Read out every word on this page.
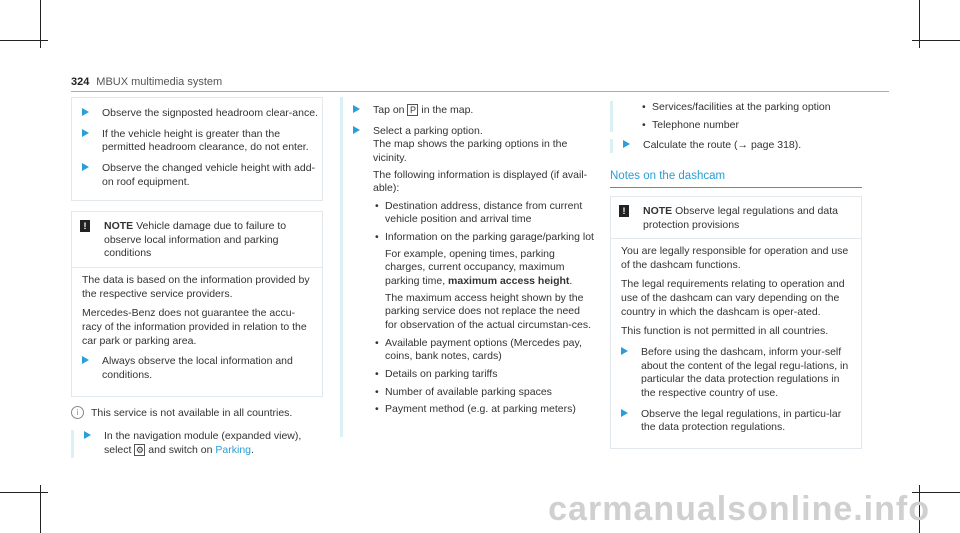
324 MBUX multimedia system

Observe the signposted headroom clear-ance.

If the vehicle height is greater than the permitted headroom clearance, do not enter.

Observe the changed vehicle height with add-on roof equipment.

!	NOTE Vehicle damage due to failure to observe local information and parking conditions

The data is based on the information provided by the respective service providers.

Mercedes-Benz does not guarantee the accu-racy of the information provided in relation to the car park or parking area.

Always observe the local information and conditions.

i	This service is not available in all countries.

In the navigation module (expanded view), select ⚙ and switch on Parking.

Tap on P in the map.

Select a parking option.

The map shows the parking options in the vicinity.

The following information is displayed (if avail-able):

• Destination address, distance from current vehicle position and arrival time

• Information on the parking garage/parking lot

For example, opening times, parking charges, current occupancy, maximum parking time, maximum access height.

The maximum access height shown by the parking service does not replace the need for observation of the actual circumstan-ces.

• Available payment options (Mercedes pay, coins, bank notes, cards)

• Details on parking tariffs

• Number of available parking spaces

• Payment method (e.g. at parking meters)

• Services/facilities at the parking option

• Telephone number

Calculate the route (→ page 318).

Notes on the dashcam
!	NOTE Observe legal regulations and data protection provisions

You are legally responsible for operation and use of the dashcam functions.

The legal requirements relating to operation and use of the dashcam can vary depending on the country in which the dashcam is oper-ated.

This function is not permitted in all countries.

Before using the dashcam, inform your-self about the content of the legal regu-lations, in particular the data protection regulations in the respective country of use.

Observe the legal regulations, in particu-lar the data protection regulations.

carmanualsonline.info
